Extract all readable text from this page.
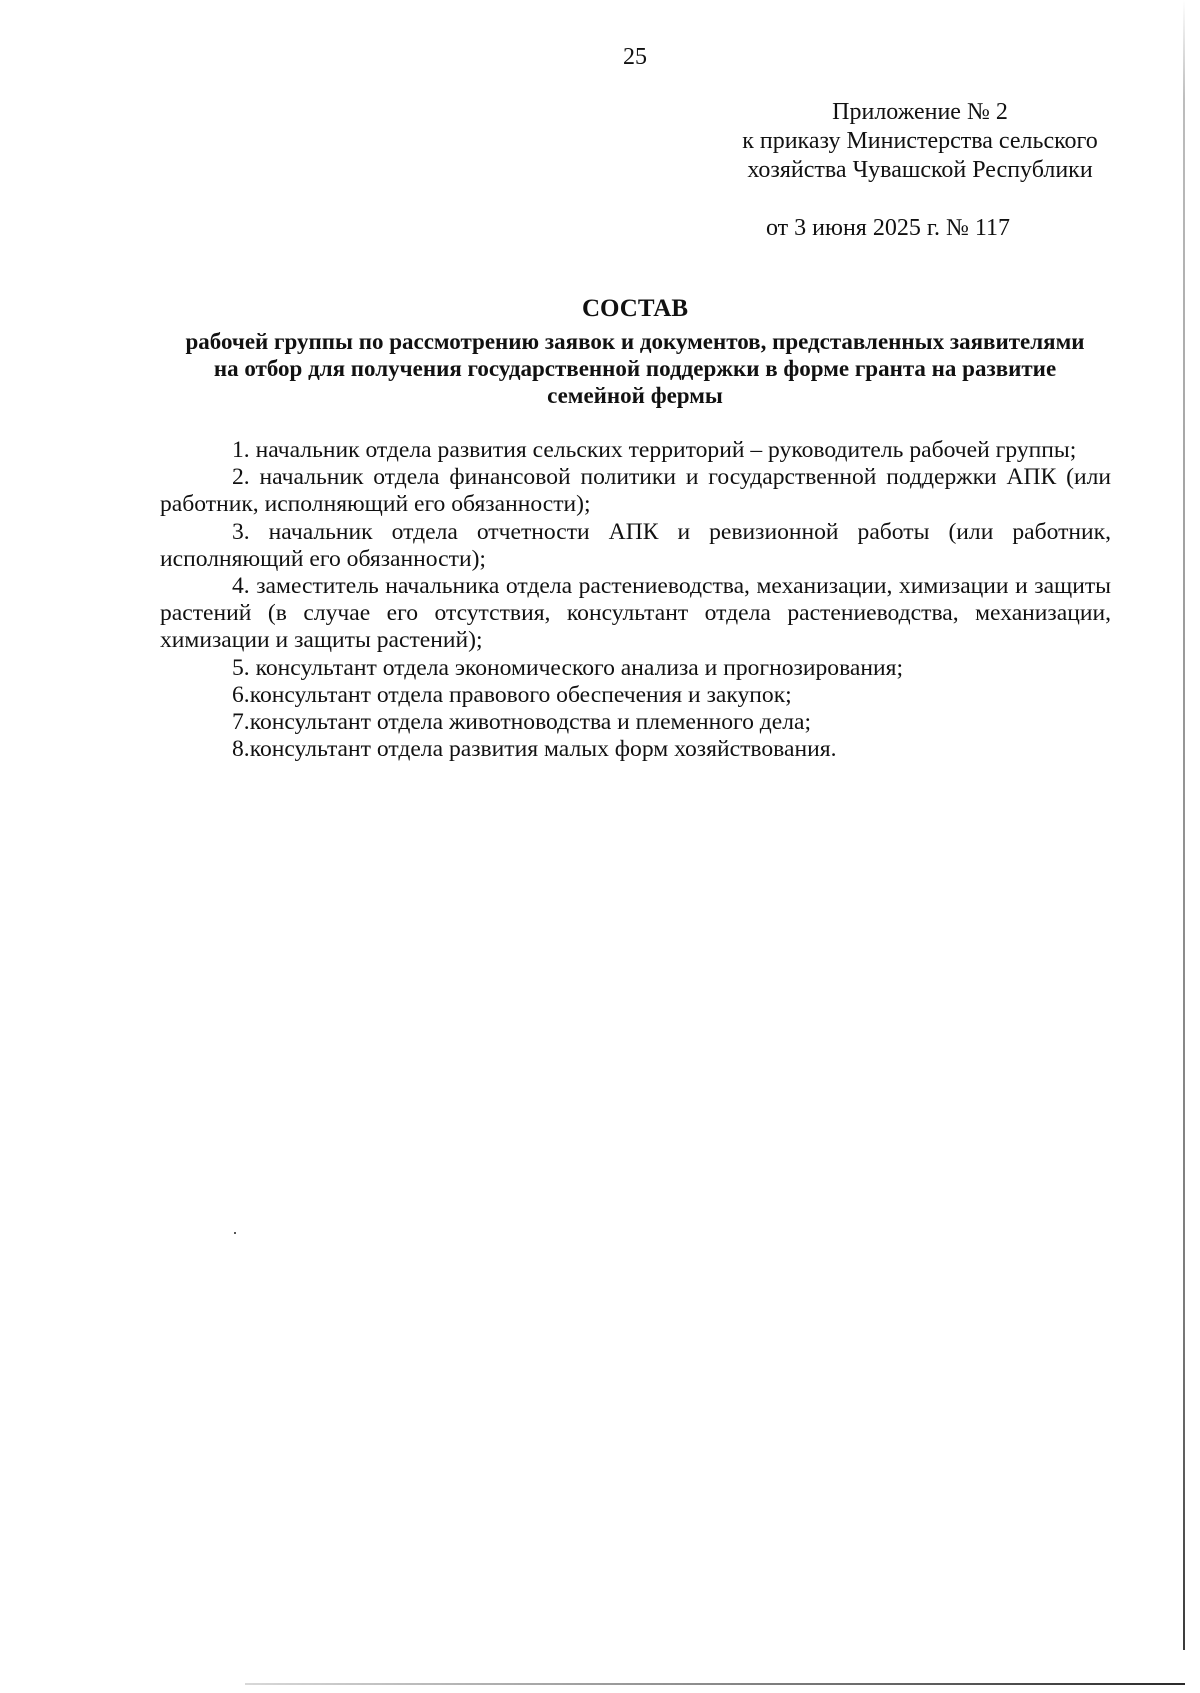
25
Приложение № 2
к приказу Министерства сельского
хозяйства Чувашской Республики
от 3 июня 2025 г. № 117
СОСТАВ
рабочей группы по рассмотрению заявок и документов, представленных заявителями
на отбор для получения государственной поддержки в форме гранта на развитие
семейной фермы

1. начальник отдела развития сельских территорий – руководитель рабочей группы;

2. начальник отдела финансовой политики и государственной поддержки АПК (или работник, исполняющий его обязанности);

3. начальник отдела отчетности АПК и ревизионной работы (или работник, исполняющий его обязанности);

4. заместитель начальника отдела растениеводства, механизации, химизации и защиты растений (в случае его отсутствия, консультант отдела растениеводства, механизации, химизации и защиты растений);

5. консультант отдела экономического анализа и прогнозирования;

6.консультант отдела правового обеспечения и закупок;

7.консультант отдела животноводства и племенного дела;

8.консультант отдела развития малых форм хозяйствования.
